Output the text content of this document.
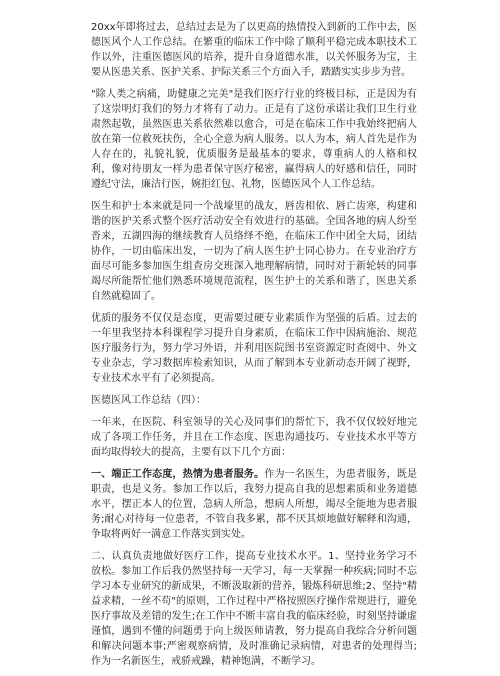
20xx年即将过去，总结过去是为了以更高的热情投入到新的工作中去，医德医风个人工作总结。在繁重的临床工作中除了顺利平稳完成本职技术工作以外，注重医德医风的培养，提升自身道德水准，以关怀服务为宝，主要从医患关系、医护关系、护际关系三个方面入手，踏踏实实步步为营。

"除人类之病痛，助健康之完美"是我们医疗行业的终极目标，正是因为有了这崇明灯我们的努力才将有了动力。正是有了这份承诺让我们卫生行业肃然起敬，虽然医患关系依然难以愈合，可是在临床工作中我始终把病人放在第一位救死扶伤，全心全意为病人服务。以人为本，病人首先是作为人存在的，礼貌礼貌，优质服务是最基本的要求，尊重病人的人格和权利，像对待朋友一样为患者保守医疗秘密，赢得病人的好感和信任，同时遵纪守法，廉洁行医，婉拒红包、礼物，医德医风个人工作总结。

医生和护士本来就是同一个战壕里的战友，唇齿相依、唇亡齿寒，构建和谐的医护关系式整个医疗活动安全有效进行的基础。全国各地的病人纷至沓来，五湖四海的继续教育人员络绎不绝，在临床工作中团全大局，团结协作，一切由临床出发，一切为了病人医生护士同心协力。在专业治疗方面尽可能多参加医生组查房交班深入地理解病情，同时对于新轮转的同事竭尽所能帮忙他们熟悉环境规范流程，医生护士的关系和谐了，医患关系自然就稳固了。

优质的服务不仅仅是态度，更需要过硬专业素质作为坚强的后盾。过去的一年里我坚持本科课程学习提升自身素质，在临床工作中因病施治、规范医疗服务行为，努力学习外语，并利用医院图书室资源定时查阅中、外文专业杂志，学习数据库检索知识，从而了解到本专业新动态开阔了视野，专业技术水平有了必须提高。

医德医风工作总结（四）：

一年来，在医院、科室领导的关心及同事们的帮忙下，我不仅仅较好地完成了各项工作任务，并且在工作态度、医患沟通技巧、专业技术水平等方面均取得较大的提高，主要有以下几个方面：

一、端正工作态度，热情为患者服务。作为一名医生，为患者服务，既是职责，也是义务。参加工作以后，我努力提高自我的思想素质和业务道德水平，摆正本人的位置，急病人所急，想病人所想，竭尽全能地为患者服务;耐心对待每一位患者，不管自我多累，都不厌其烦地做好解释和沟通，争取将两好一满意工作落实到实处。

二、认真负责地做好医疗工作，提高专业技术水平。1、坚持业务学习不放松。参加工作后我仍然坚持每一天学习，每一天掌握一种疾病;同时不忘学习本专业研究的新成果，不断汲取新的营养，锻炼科研思维;2、坚持"精益求精，一丝不苟"的原则，工作过程中严格按照医疗操作常规进行，避免医疗事故及差错的发生;在工作中不断丰富自我的临床经验，时刻坚持谦虚谨慎，遇到不懂的问题勇于向上级医师请教，努力提高自我综合分析问题和解决问题本事;严密观察病情，及时准确记录病情，对患者的处理得当;作为一名新医生，戒骄戒躁，精神饱满，不断学习。
